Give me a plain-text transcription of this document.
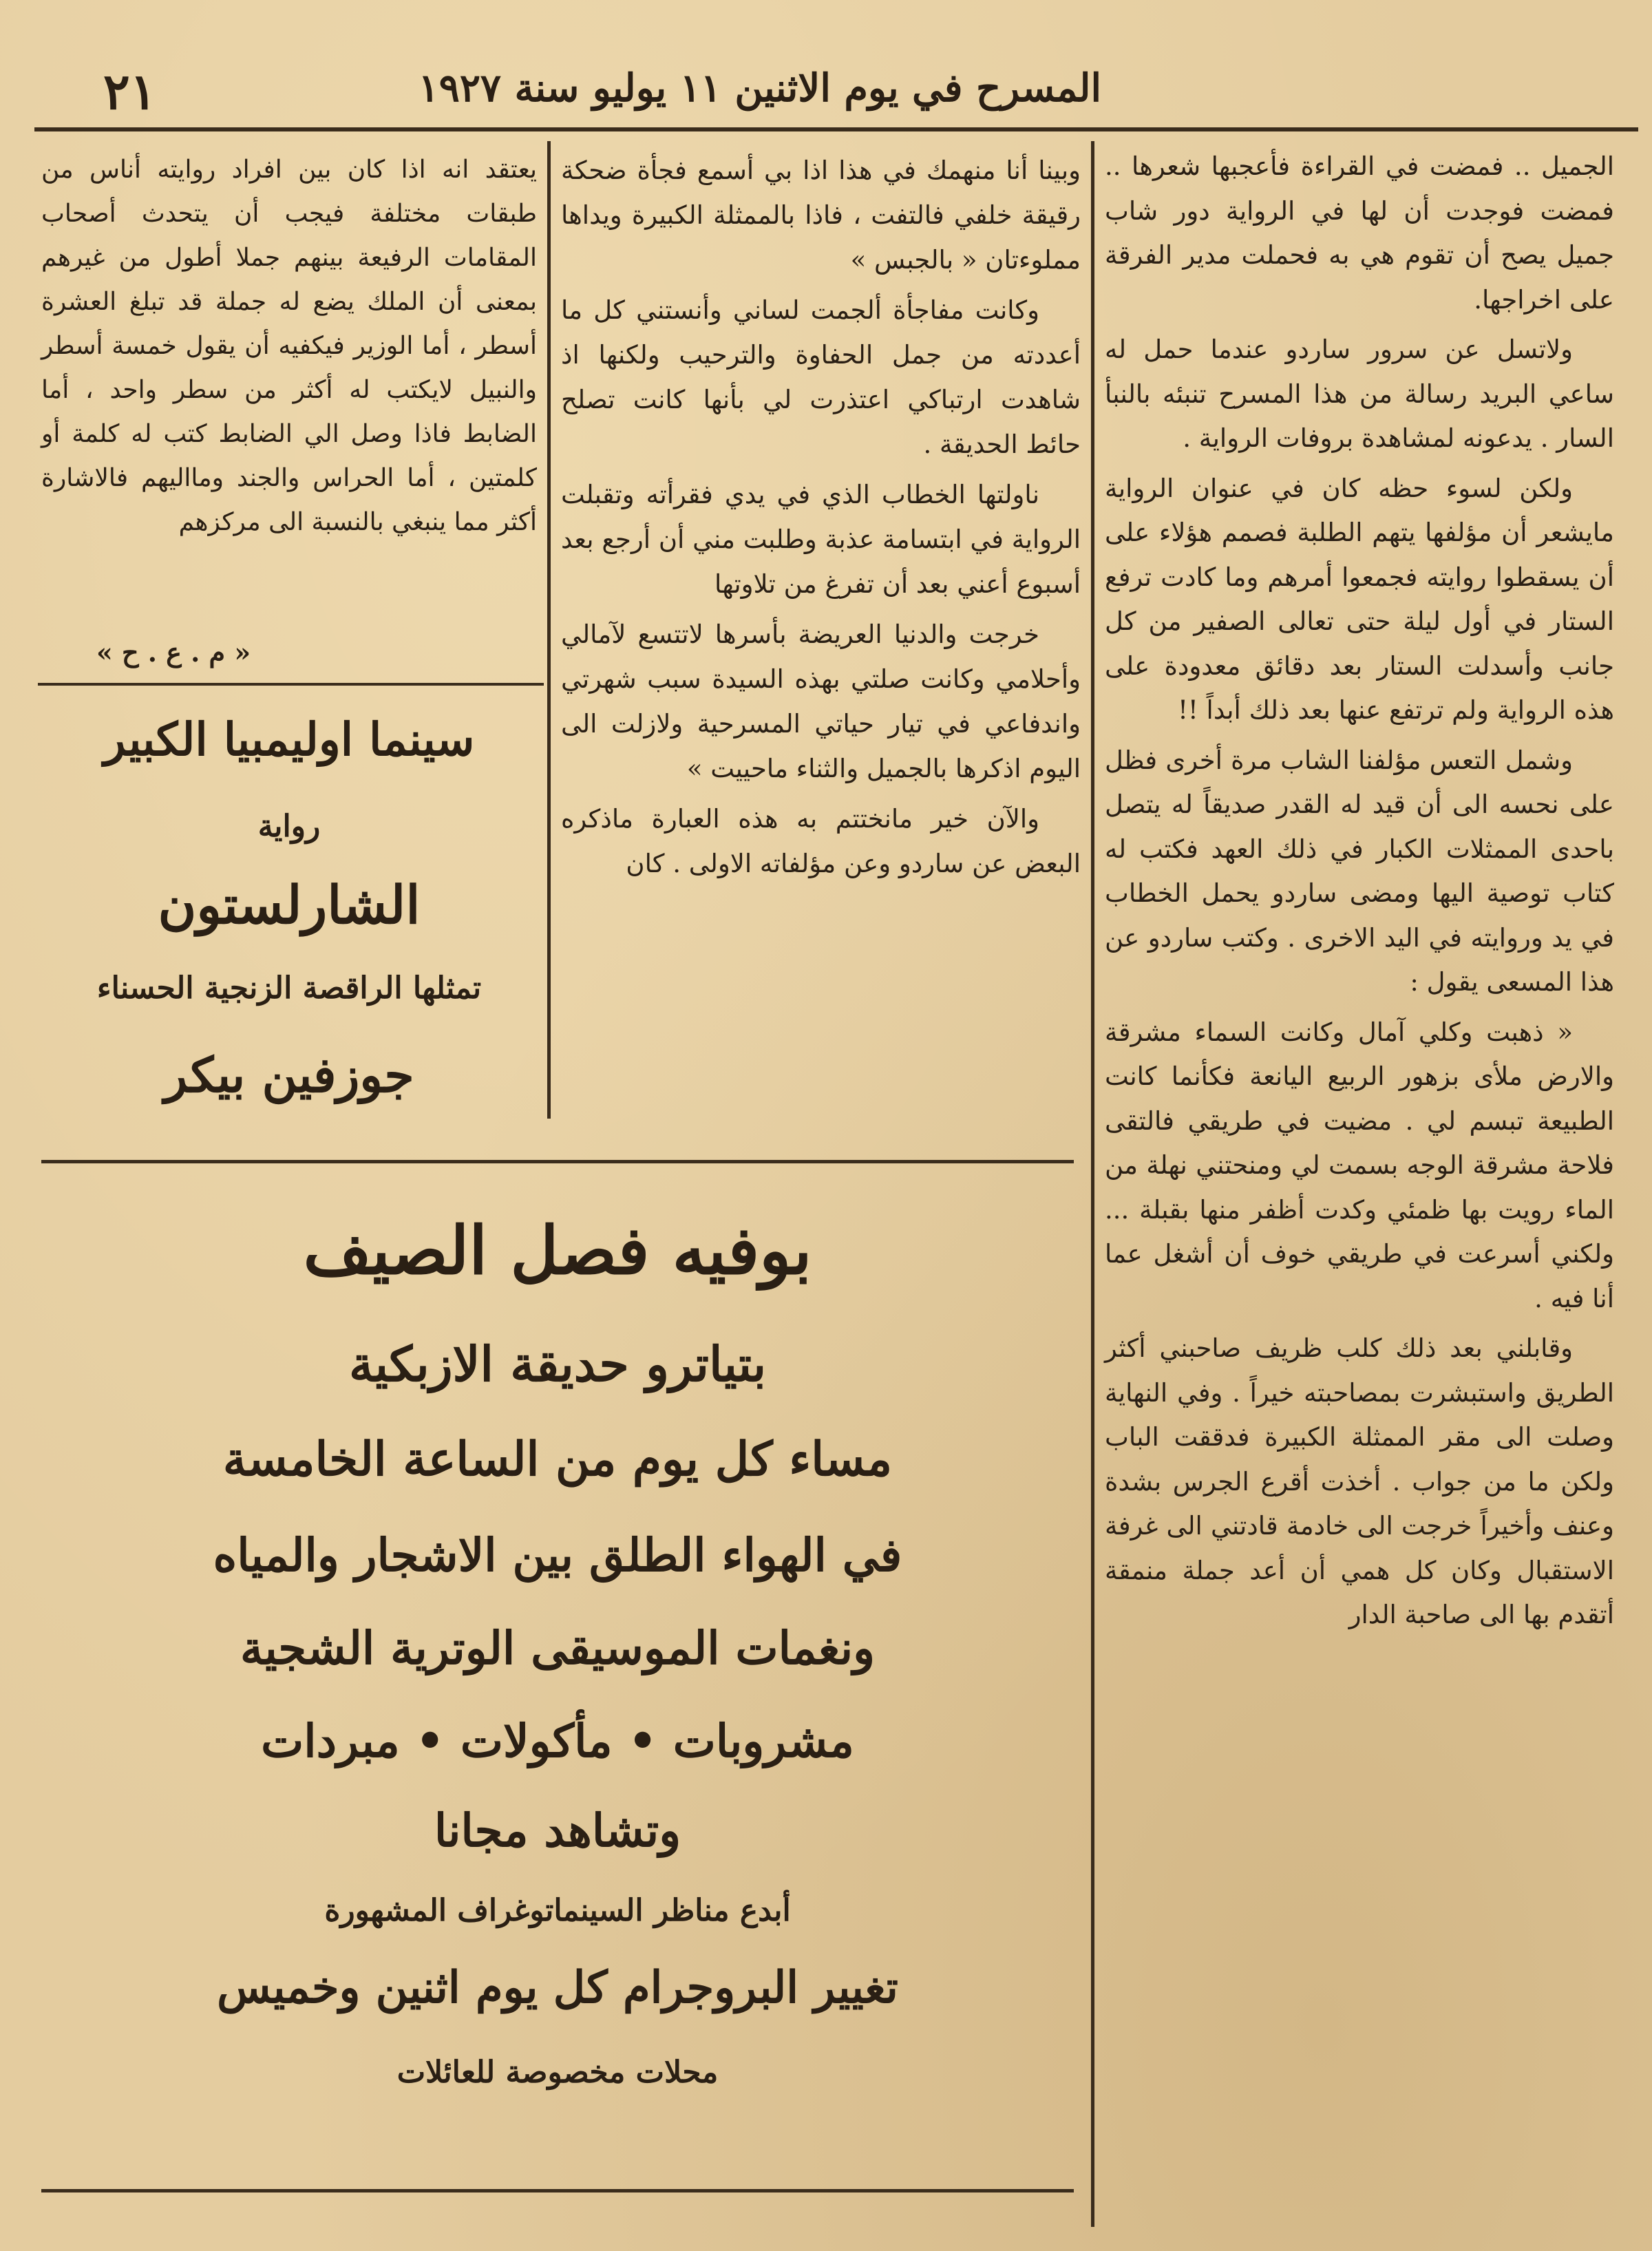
٢١	المسرح في يوم الاثنين ١١ يوليو سنة ١٩٢٧

الجميل .. فمضت في القراءة فأعجبها شعرها .. فمضت فوجدت أن لها في الرواية دور شاب جميل يصح أن تقوم هي به فحملت مدير الفرقة على اخراجها.

ولاتسل عن سرور ساردو عندما حمل له ساعي البريد رسالة من هذا المسرح تنبئه بالنبأ السار . يدعونه لمشاهدة بروفات الرواية .

ولكن لسوء حظه كان في عنوان الرواية مايشعر أن مؤلفها يتهم الطلبة فصمم هؤلاء على أن يسقطوا روايته فجمعوا أمرهم وما كادت ترفع الستار في أول ليلة حتى تعالى الصفير من كل جانب وأسدلت الستار بعد دقائق معدودة على هذه الرواية ولم ترتفع عنها بعد ذلك أبداً !!

وشمل التعس مؤلفنا الشاب مرة أخرى فظل على نحسه الى أن قيد له القدر صديقاً له يتصل باحدى الممثلات الكبار في ذلك العهد فكتب له كتاب توصية اليها ومضى ساردو يحمل الخطاب في يد وروايته في اليد الاخرى . وكتب ساردو عن هذا المسعى يقول :

« ذهبت وكلي آمال وكانت السماء مشرقة والارض ملأى بزهور الربيع اليانعة فكأنما كانت الطبيعة تبسم لي . مضيت في طريقي فالتقى فلاحة مشرقة الوجه بسمت لي ومنحتني نهلة من الماء رويت بها ظمئي وكدت أظفر منها بقبلة ... ولكني أسرعت في طريقي خوف أن أشغل عما أنا فيه .

وقابلني بعد ذلك كلب ظريف صاحبني أكثر الطريق واستبشرت بمصاحبته خيراً . وفي النهاية وصلت الى مقر الممثلة الكبيرة فدققت الباب ولكن ما من جواب . أخذت أقرع الجرس بشدة وعنف وأخيراً خرجت الى خادمة قادتني الى غرفة الاستقبال وكان كل همي أن أعد جملة منمقة أتقدم بها الى صاحبة الدار

وبينا أنا منهمك في هذا اذا بي أسمع فجأة ضحكة رقيقة خلفي فالتفت ، فاذا بالممثلة الكبيرة ويداها مملوءتان « بالجبس »

وكانت مفاجأة ألجمت لساني وأنستني كل ما أعددته من جمل الحفاوة والترحيب ولكنها اذ شاهدت ارتباكي اعتذرت لي بأنها كانت تصلح حائط الحديقة .

ناولتها الخطاب الذي في يدي فقرأته وتقبلت الرواية في ابتسامة عذبة وطلبت مني أن أرجع بعد أسبوع أعني بعد أن تفرغ من تلاوتها

خرجت والدنيا العريضة بأسرها لاتتسع لآمالي وأحلامي وكانت صلتي بهذه السيدة سبب شهرتي واندفاعي في تيار حياتي المسرحية ولازلت الى اليوم اذكرها بالجميل والثناء ماحييت »

والآن خير مانختتم به هذه العبارة ماذكره البعض عن ساردو وعن مؤلفاته الاولى . كان

يعتقد انه اذا كان بين افراد روايته أناس من طبقات مختلفة فيجب أن يتحدث أصحاب المقامات الرفيعة بينهم جملا أطول من غيرهم بمعنى أن الملك يضع له جملة قد تبلغ العشرة أسطر ، أما الوزير فيكفيه أن يقول خمسة أسطر والنبيل لايكتب له أكثر من سطر واحد ، أما الضابط فاذا وصل الي الضابط كتب له كلمة أو كلمتين ، أما الحراس والجند ومااليهم فالاشارة أكثر مما ينبغي بالنسبة الى مركزهم

« م . ع . ح »
سينما اوليمبيا الكبير
رواية
الشارلستون
تمثلها الراقصة الزنجية الحسناء
جوزفين بيكر
بوفيه فصل الصيف
بتياترو حديقة الازبكية
مساء كل يوم من الساعة الخامسة
في الهواء الطلق بين الاشجار والمياه
ونغمات الموسيقى الوترية الشجية
مشروبات • مأكولات • مبردات
وتشاهد مجانا
أبدع مناظر السينماتوغراف المشهورة
تغيير البروجرام كل يوم اثنين وخميس
محلات مخصوصة للعائلات
